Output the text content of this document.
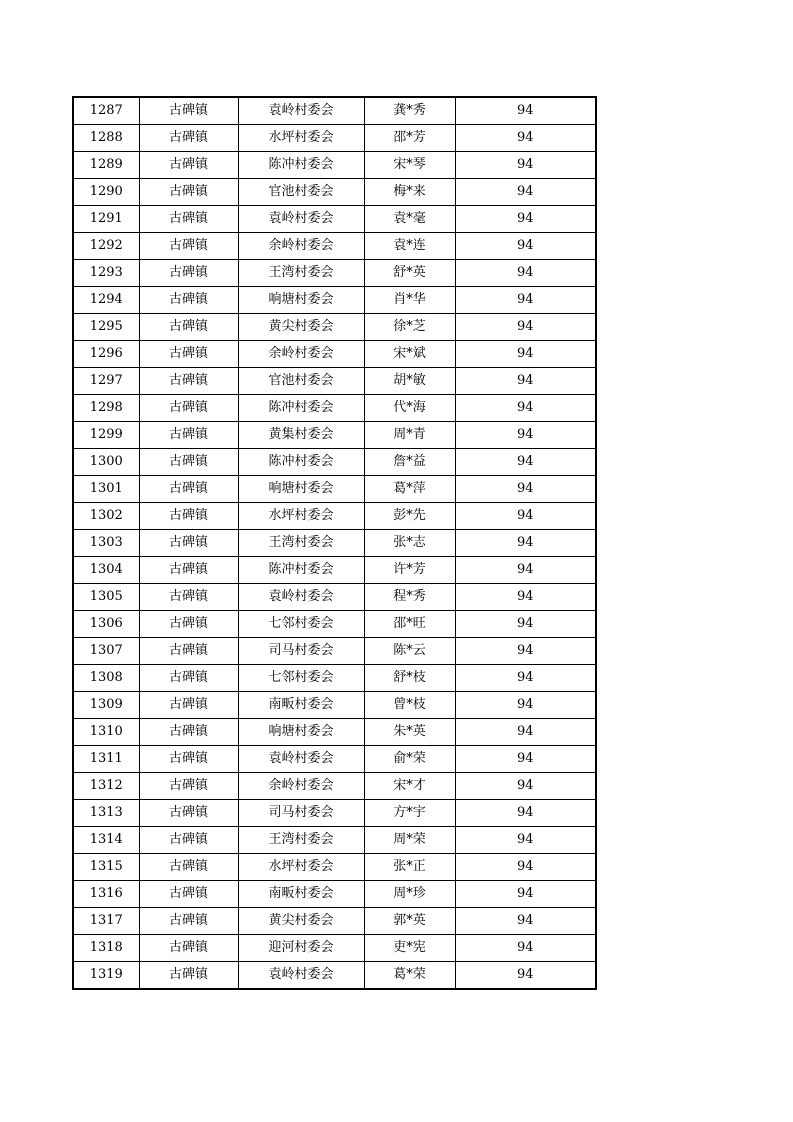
1287	古碑镇	袁岭村委会	龚*秀	94
1288	古碑镇	水坪村委会	邵*芳	94
1289	古碑镇	陈冲村委会	宋*琴	94
1290	古碑镇	官池村委会	梅*来	94
1291	古碑镇	袁岭村委会	袁*毫	94
1292	古碑镇	余岭村委会	袁*连	94
1293	古碑镇	王湾村委会	舒*英	94
1294	古碑镇	响塘村委会	肖*华	94
1295	古碑镇	黄尖村委会	徐*芝	94
1296	古碑镇	余岭村委会	宋*斌	94
1297	古碑镇	官池村委会	胡*敏	94
1298	古碑镇	陈冲村委会	代*海	94
1299	古碑镇	黄集村委会	周*青	94
1300	古碑镇	陈冲村委会	詹*益	94
1301	古碑镇	响塘村委会	葛*萍	94
1302	古碑镇	水坪村委会	彭*先	94
1303	古碑镇	王湾村委会	张*志	94
1304	古碑镇	陈冲村委会	许*芳	94
1305	古碑镇	袁岭村委会	程*秀	94
1306	古碑镇	七邻村委会	邵*旺	94
1307	古碑镇	司马村委会	陈*云	94
1308	古碑镇	七邻村委会	舒*枝	94
1309	古碑镇	南畈村委会	曾*枝	94
1310	古碑镇	响塘村委会	朱*英	94
1311	古碑镇	袁岭村委会	俞*荣	94
1312	古碑镇	余岭村委会	宋*才	94
1313	古碑镇	司马村委会	方*宇	94
1314	古碑镇	王湾村委会	周*荣	94
1315	古碑镇	水坪村委会	张*正	94
1316	古碑镇	南畈村委会	周*珍	94
1317	古碑镇	黄尖村委会	郭*英	94
1318	古碑镇	迎河村委会	吏*宪	94
1319	古碑镇	袁岭村委会	葛*荣	94
